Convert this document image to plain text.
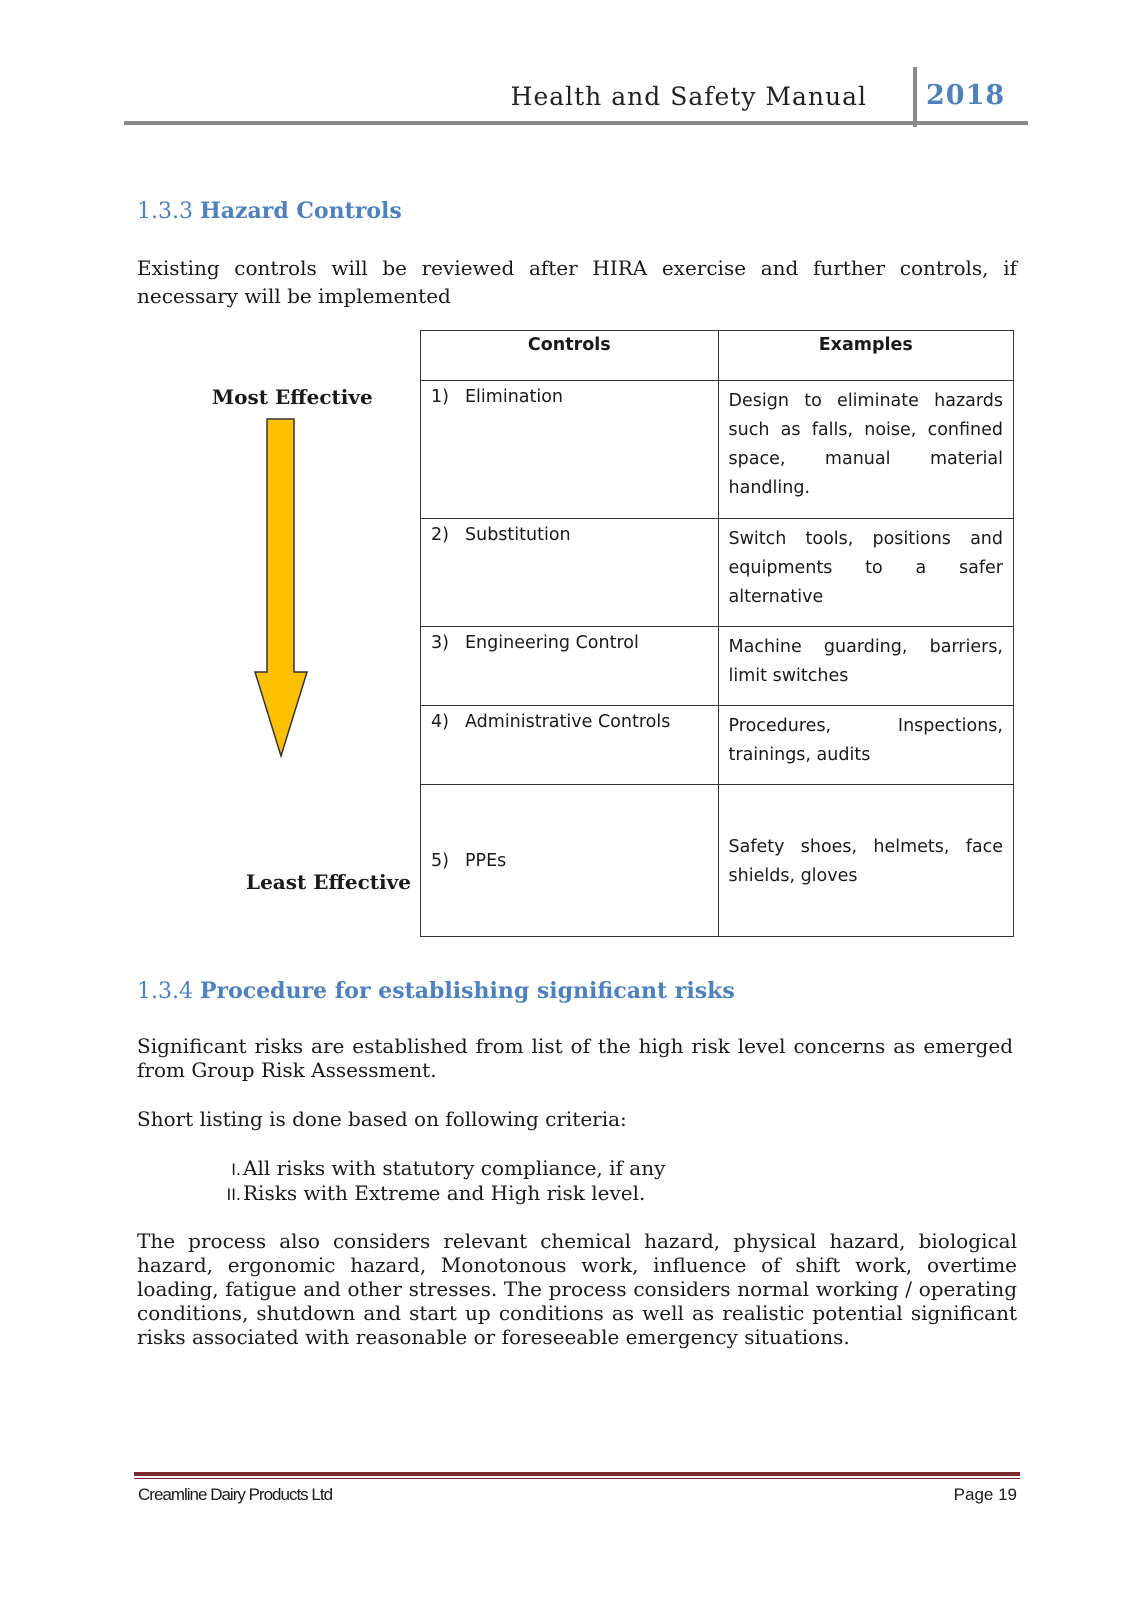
Health and Safety Manual 2018
1.3.3 Hazard Controls
Existing controls will be reviewed after HIRA exercise and further controls, if necessary will be implemented
Most Effective
Least Effective
Controls	Examples
1) Elimination	Design to eliminate hazards such as falls, noise, confined space, manual material handling.
2) Substitution	Switch tools, positions and equipments to a safer alternative
3) Engineering Control	Machine guarding, barriers, limit switches
4) Administrative Controls	Procedures, Inspections, trainings, audits
5) PPEs	Safety shoes, helmets, face shields, gloves
1.3.4 Procedure for establishing significant risks
Significant risks are established from list of the high risk level concerns as emerged from Group Risk Assessment.
Short listing is done based on following criteria:
I. All risks with statutory compliance, if any
II. Risks with Extreme and High risk level.
The process also considers relevant chemical hazard, physical hazard, biological hazard, ergonomic hazard, Monotonous work, influence of shift work, overtime loading, fatigue and other stresses. The process considers normal working / operating conditions, shutdown and start up conditions as well as realistic potential significant risks associated with reasonable or foreseeable emergency situations.
Creamline Dairy Products Ltd	Page 19
